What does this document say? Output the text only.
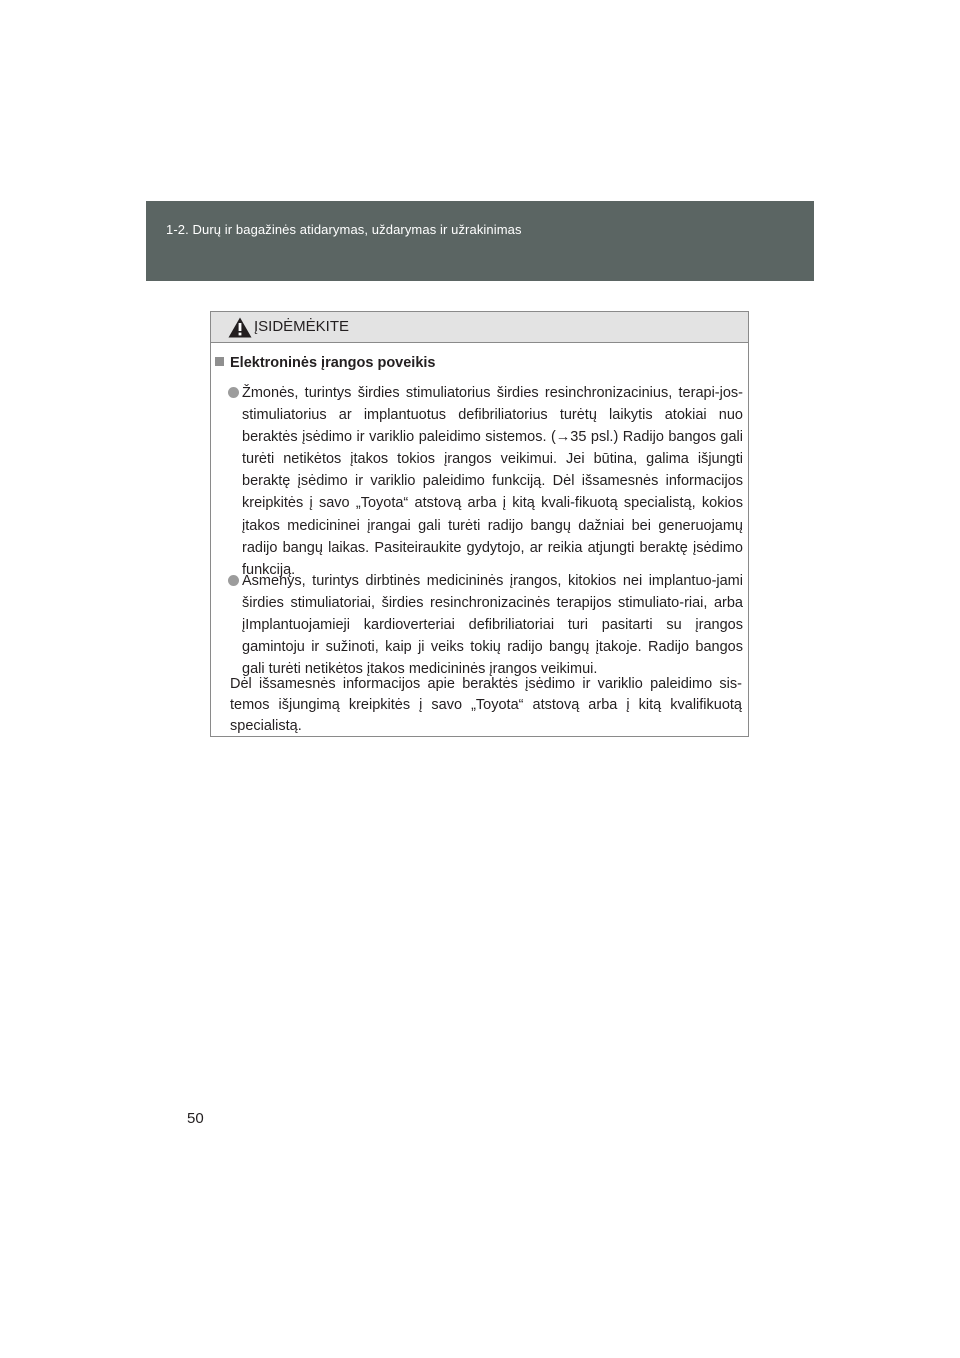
1-2. Durų ir bagažinės atidarymas, uždarymas ir užrakinimas
ĮSIDĖMĖKITE
Elektroninės įrangos poveikis
Žmonės, turintys širdies stimuliatorius širdies resinchronizacinius, terapi-jos-stimuliatorius ar implantuotus defibriliatorius turėtų laikytis atokiai nuo beraktės įsėdimo ir variklio paleidimo sistemos. (→35 psl.) Radijo bangos gali turėti netikėtos įtakos tokios įrangos veikimui. Jei būtina, galima išjungti beraktę įsėdimo ir variklio paleidimo funkciją. Dėl išsamesnės informacijos kreipkitės į savo „Toyota“ atstovą arba į kitą kvali-fikuotą specialistą, kokios įtakos medicininei įrangai gali turėti radijo bangų dažniai bei generuojamų radijo bangų laikas. Pasiteiraukite gydytojo, ar reikia atjungti beraktę įsėdimo funkciją.
Asmenys, turintys dirbtinės medicininės įrangos, kitokios nei implantuo-jami širdies stimuliatoriai, širdies resinchronizacinės terapijos stimuliato-riai, arba įImplantuojamieji kardioverteriai defibriliatoriai turi pasitarti su įrangos gamintoju ir sužinoti, kaip ji veiks tokių radijo bangų įtakoje. Radijo bangos gali turėti netikėtos įtakos medicininės įrangos veikimui.
Dėl išsamesnės informacijos apie beraktės įsėdimo ir variklio paleidimo sis-temos išjungimą kreipkitės į savo „Toyota“ atstovą arba į kitą kvalifikuotą specialistą.
50
